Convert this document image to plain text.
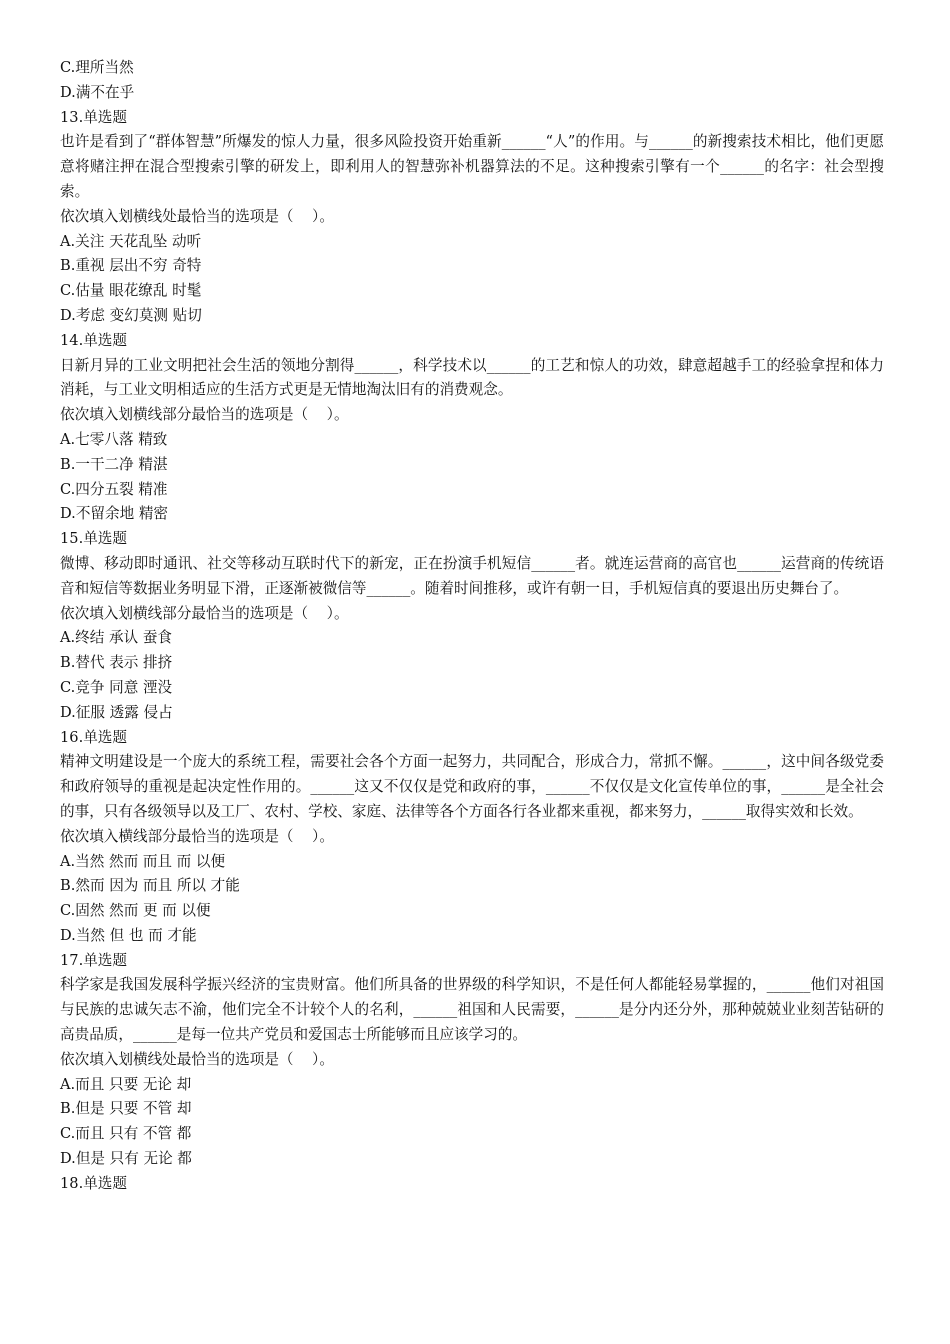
C.理所当然

D.满不在乎

13.单选题

也许是看到了“群体智慧”所爆发的惊人力量，很多风险投资开始重新______“人”的作用。与______的新搜索技术相比，他们更愿意将赌注押在混合型搜索引擎的研发上，即利用人的智慧弥补机器算法的不足。这种搜索引擎有一个______的名字：社会型搜索。

依次填入划横线处最恰当的选项是（    ）。

A.关注 天花乱坠 动听

B.重视 层出不穷 奇特

C.估量 眼花缭乱 时髦

D.考虑 变幻莫测 贴切

14.单选题

日新月异的工业文明把社会生活的领地分割得______，科学技术以______的工艺和惊人的功效，肆意超越手工的经验拿捏和体力消耗，与工业文明相适应的生活方式更是无情地淘汰旧有的消费观念。

依次填入划横线部分最恰当的选项是（    ）。

A.七零八落 精致

B.一干二净 精湛

C.四分五裂 精准

D.不留余地 精密

15.单选题

微博、移动即时通讯、社交等移动互联时代下的新宠，正在扮演手机短信______者。就连运营商的高官也______运营商的传统语音和短信等数据业务明显下滑，正逐渐被微信等______。随着时间推移，或许有朝一日，手机短信真的要退出历史舞台了。

依次填入划横线部分最恰当的选项是（    ）。

A.终结 承认 蚕食

B.替代 表示 排挤

C.竞争 同意 湮没

D.征服 透露 侵占

16.单选题

精神文明建设是一个庞大的系统工程，需要社会各个方面一起努力，共同配合，形成合力，常抓不懈。______，这中间各级党委和政府领导的重视是起决定性作用的。______这又不仅仅是党和政府的事，______不仅仅是文化宣传单位的事，______是全社会的事，只有各级领导以及工厂、农村、学校、家庭、法律等各个方面各行各业都来重视，都来努力，______取得实效和长效。

依次填入横线部分最恰当的选项是（    ）。

A.当然 然而 而且 而 以便

B.然而 因为 而且 所以 才能

C.固然 然而 更 而 以便

D.当然 但 也 而 才能

17.单选题

科学家是我国发展科学振兴经济的宝贵财富。他们所具备的世界级的科学知识，不是任何人都能轻易掌握的，______他们对祖国与民族的忠诚矢志不渝，他们完全不计较个人的名利，______祖国和人民需要，______是分内还分外，那种兢兢业业刻苦钻研的高贵品质，______是每一位共产党员和爱国志士所能够而且应该学习的。

依次填入划横线处最恰当的选项是（    ）。

A.而且 只要 无论 却

B.但是 只要 不管 却

C.而且 只有 不管 都

D.但是 只有 无论 都

18.单选题
